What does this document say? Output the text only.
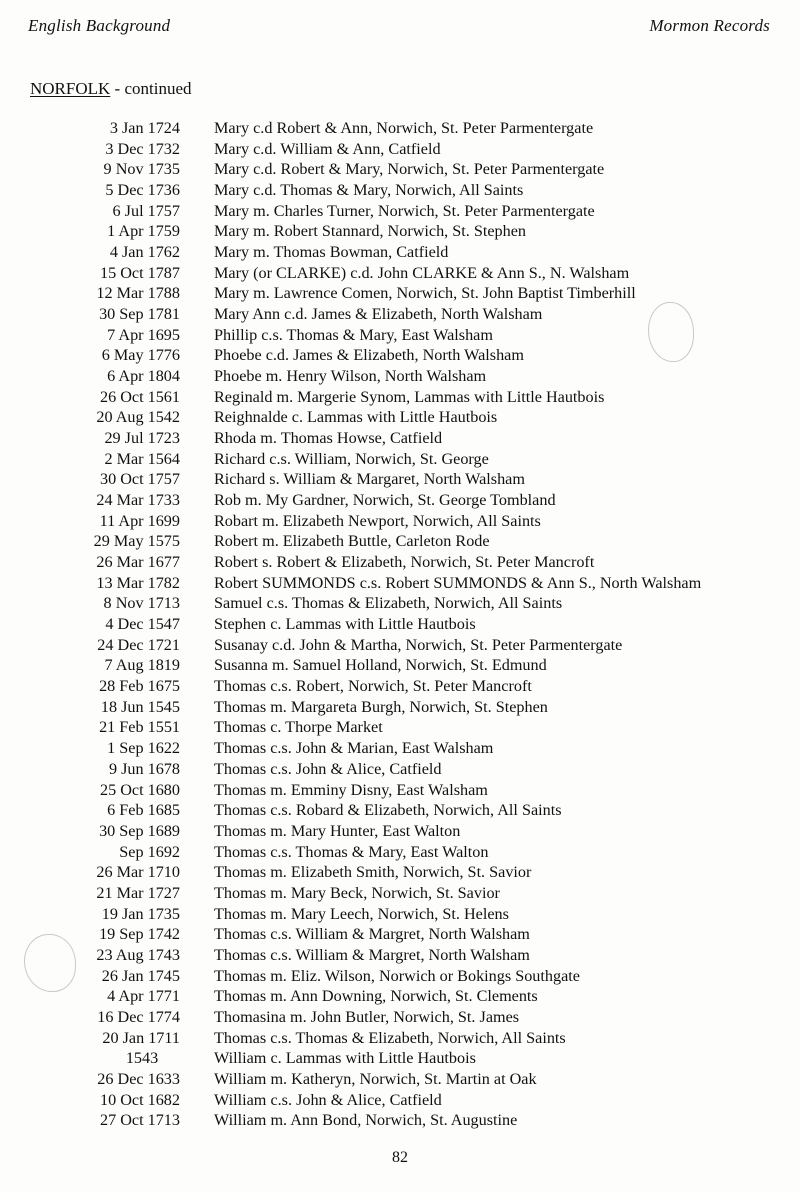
English Background	Mormon Records
NORFOLK - continued
3 Jan 1724 Mary c.d Robert & Ann, Norwich, St. Peter Parmentergate
3 Dec 1732 Mary c.d. William & Ann, Catfield
9 Nov 1735 Mary c.d. Robert & Mary, Norwich, St. Peter Parmentergate
5 Dec 1736 Mary c.d. Thomas & Mary, Norwich, All Saints
6 Jul 1757 Mary m. Charles Turner, Norwich, St. Peter Parmentergate
1 Apr 1759 Mary m. Robert Stannard, Norwich, St. Stephen
4 Jan 1762 Mary m. Thomas Bowman, Catfield
15 Oct 1787 Mary (or CLARKE) c.d. John CLARKE & Ann S., N. Walsham
12 Mar 1788 Mary m. Lawrence Comen, Norwich, St. John Baptist Timberhill
30 Sep 1781 Mary Ann c.d. James & Elizabeth, North Walsham
7 Apr 1695 Phillip c.s. Thomas & Mary, East Walsham
6 May 1776 Phoebe c.d. James & Elizabeth, North Walsham
6 Apr 1804 Phoebe m. Henry Wilson, North Walsham
26 Oct 1561 Reginald m. Margerie Synom, Lammas with Little Hautbois
20 Aug 1542 Reighnalde c. Lammas with Little Hautbois
29 Jul 1723 Rhoda m. Thomas Howse, Catfield
2 Mar 1564 Richard c.s. William, Norwich, St. George
30 Oct 1757 Richard s. William & Margaret, North Walsham
24 Mar 1733 Rob m. My Gardner, Norwich, St. George Tombland
11 Apr 1699 Robart m. Elizabeth Newport, Norwich, All Saints
29 May 1575 Robert m. Elizabeth Buttle, Carleton Rode
26 Mar 1677 Robert s. Robert & Elizabeth, Norwich, St. Peter Mancroft
13 Mar 1782 Robert SUMMONDS c.s. Robert SUMMONDS & Ann S., North Walsham
8 Nov 1713 Samuel c.s. Thomas & Elizabeth, Norwich, All Saints
4 Dec 1547 Stephen c. Lammas with Little Hautbois
24 Dec 1721 Susanay c.d. John & Martha, Norwich, St. Peter Parmentergate
7 Aug 1819 Susanna m. Samuel Holland, Norwich, St. Edmund
28 Feb 1675 Thomas c.s. Robert, Norwich, St. Peter Mancroft
18 Jun 1545 Thomas m. Margareta Burgh, Norwich, St. Stephen
21 Feb 1551 Thomas c. Thorpe Market
1 Sep 1622 Thomas c.s. John & Marian, East Walsham
9 Jun 1678 Thomas c.s. John & Alice, Catfield
25 Oct 1680 Thomas m. Emminy Disny, East Walsham
6 Feb 1685 Thomas c.s. Robard & Elizabeth, Norwich, All Saints
30 Sep 1689 Thomas m. Mary Hunter, East Walton
Sep 1692 Thomas c.s. Thomas & Mary, East Walton
26 Mar 1710 Thomas m. Elizabeth Smith, Norwich, St. Savior
21 Mar 1727 Thomas m. Mary Beck, Norwich, St. Savior
19 Jan 1735 Thomas m. Mary Leech, Norwich, St. Helens
19 Sep 1742 Thomas c.s. William & Margret, North Walsham
23 Aug 1743 Thomas c.s. William & Margret, North Walsham
26 Jan 1745 Thomas m. Eliz. Wilson, Norwich or Bokings Southgate
4 Apr 1771 Thomas m. Ann Downing, Norwich, St. Clements
16 Dec 1774 Thomasina m. John Butler, Norwich, St. James
20 Jan 1711 Thomas c.s. Thomas & Elizabeth, Norwich, All Saints
1543	William c. Lammas with Little Hautbois
26 Dec 1633 William m. Katheryn, Norwich, St. Martin at Oak
10 Oct 1682 William c.s. John & Alice, Catfield
27 Oct 1713 William m. Ann Bond, Norwich, St. Augustine
82
